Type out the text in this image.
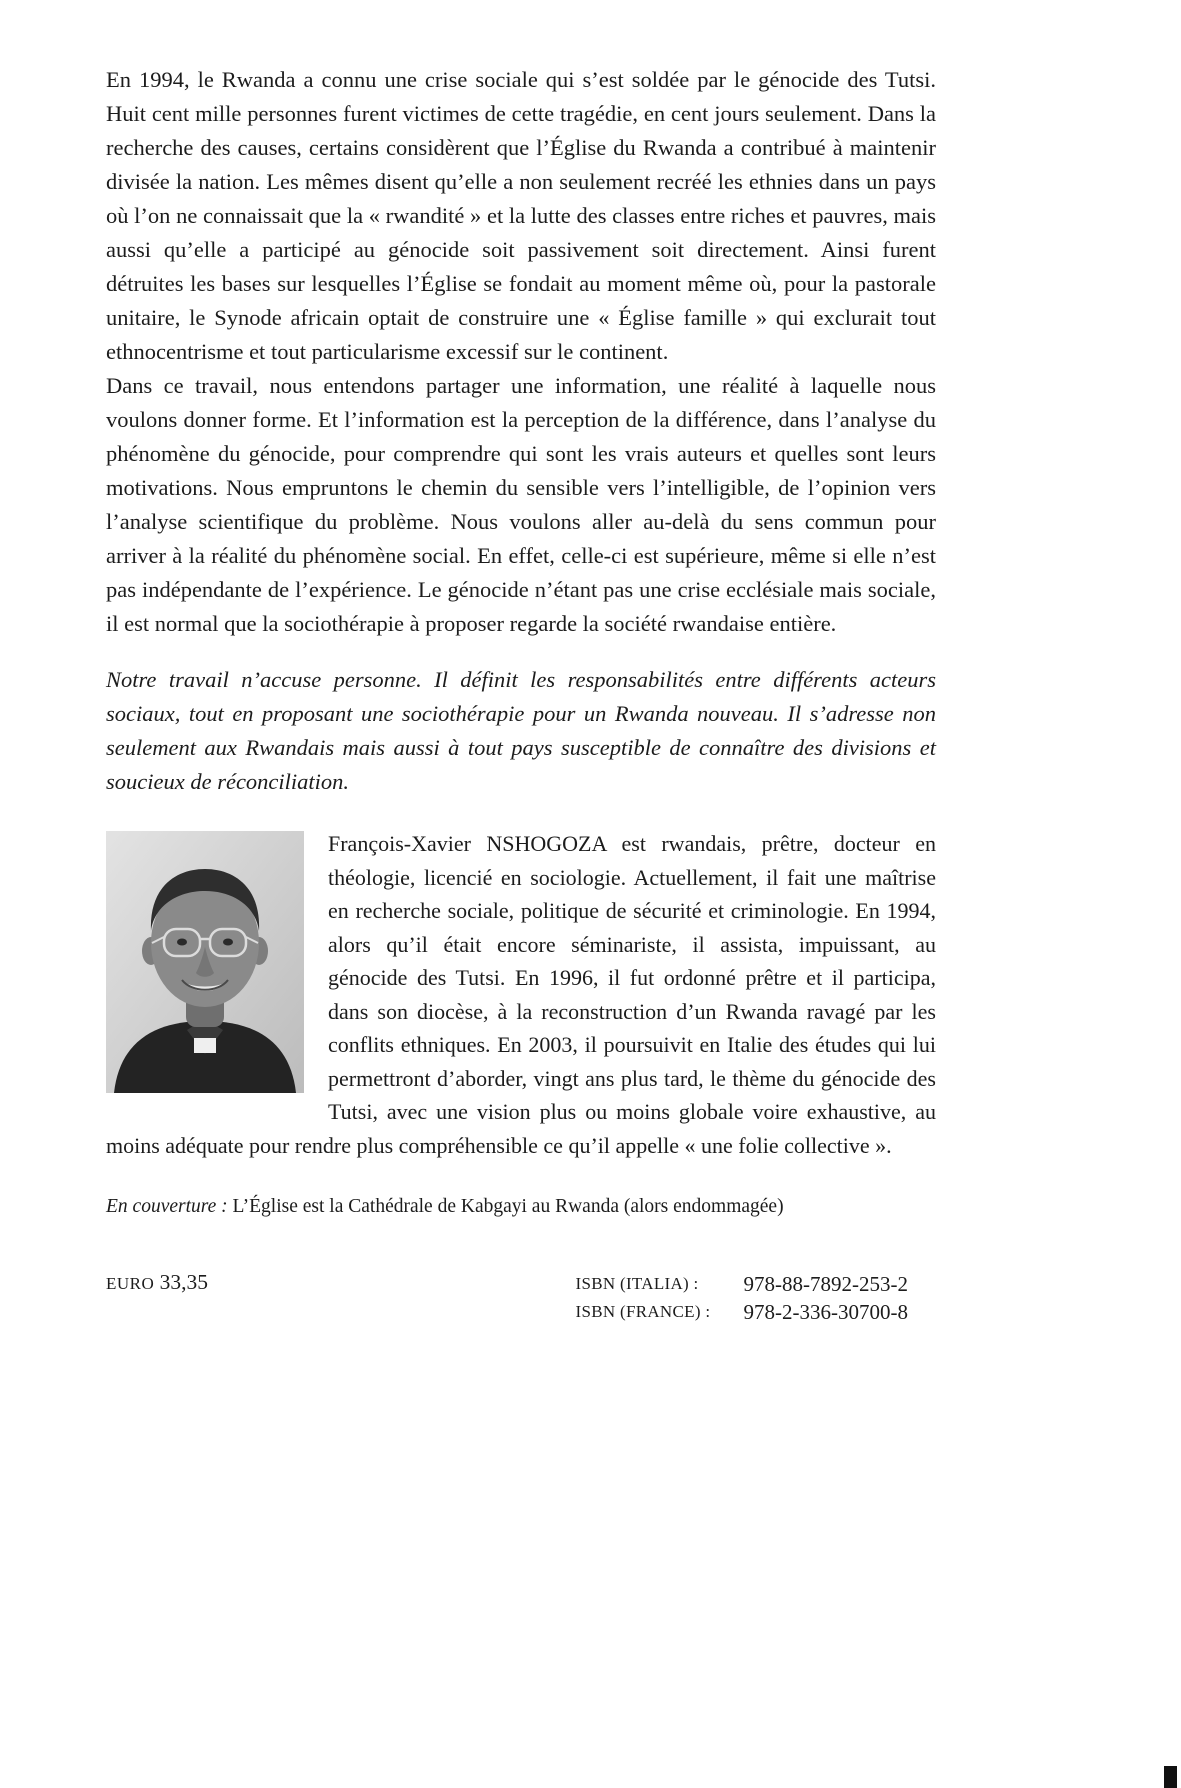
En 1994, le Rwanda a connu une crise sociale qui s’est soldée par le génocide des Tutsi. Huit cent mille personnes furent victimes de cette tragédie, en cent jours seulement. Dans la recherche des causes, certains considèrent que l’Église du Rwanda a contribué à maintenir divisée la nation. Les mêmes disent qu’elle a non seulement recréé les ethnies dans un pays où l’on ne connaissait que la « rwandité » et la lutte des classes entre riches et pauvres, mais aussi qu’elle a participé au génocide soit passivement soit directement. Ainsi furent détruites les bases sur lesquelles l’Église se fondait au moment même où, pour la pastorale unitaire, le Synode africain optait de construire une « Église famille » qui exclurait tout ethnocentrisme et tout particularisme excessif sur le continent.

Dans ce travail, nous entendons partager une information, une réalité à laquelle nous voulons donner forme. Et l’information est la perception de la différence, dans l’analyse du phénomène du génocide, pour comprendre qui sont les vrais auteurs et quelles sont leurs motivations. Nous empruntons le chemin du sensible vers l’intelligible, de l’opinion vers l’analyse scientifique du problème. Nous voulons aller au-delà du sens commun pour arriver à la réalité du phénomène social. En effet, celle-ci est supérieure, même si elle n’est pas indépendante de l’expérience. Le génocide n’étant pas une crise ecclésiale mais sociale, il est normal que la sociothérapie à proposer regarde la société rwandaise entière.

Notre travail n’accuse personne. Il définit les responsabilités entre différents acteurs sociaux, tout en proposant une sociothérapie pour un Rwanda nouveau. Il s’adresse non seulement aux Rwandais mais aussi à tout pays susceptible de connaître des divisions et soucieux de réconciliation.

François-Xavier NSHOGOZA est rwandais, prêtre, docteur en théologie, licencié en sociologie. Actuellement, il fait une maîtrise en recherche sociale, politique de sécurité et criminologie. En 1994, alors qu’il était encore séminariste, il assista, impuissant, au génocide des Tutsi. En 1996, il fut ordonné prêtre et il participa, dans son diocèse, à la reconstruction d’un Rwanda ravagé par les conflits ethniques. En 2003, il poursuivit en Italie des études qui lui permettront d’aborder, vingt ans plus tard, le thème du génocide des Tutsi, avec une vision plus ou moins globale voire exhaustive, au moins adéquate pour rendre plus compréhensible ce qu’il appelle « une folie collective ».

En couverture : L’Église est la Cathédrale de Kabgayi au Rwanda (alors endommagée)

EURO 33,35	ISBN (ITALIA) :	978-88-7892-253-2
ISBN (FRANCE) :	978-2-336-30700-8
